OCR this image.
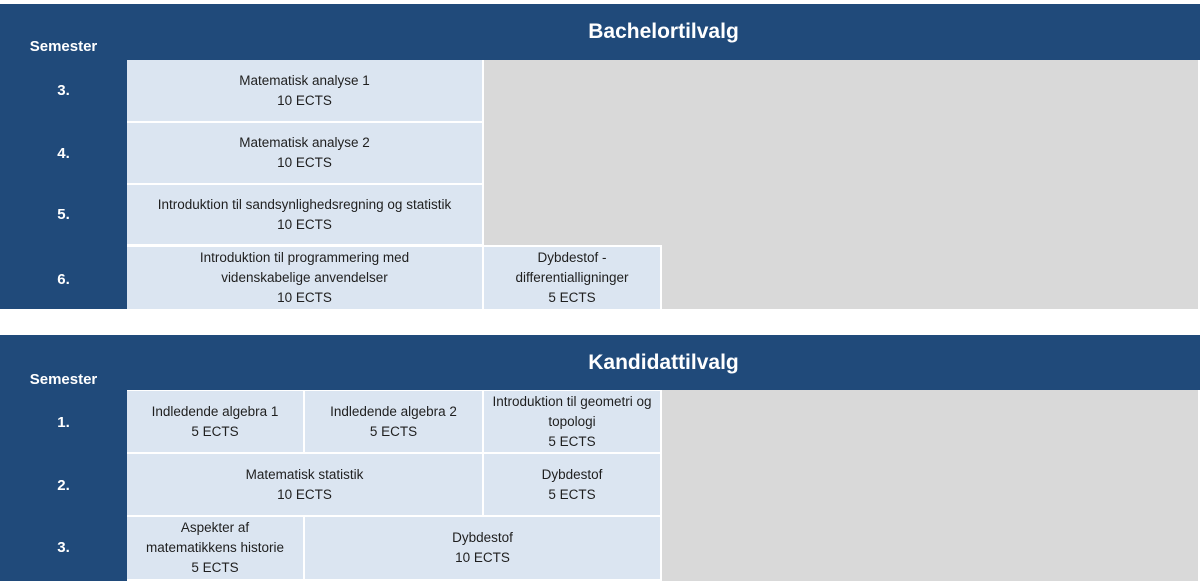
Bachelortilvalg
Semester
3.
4.
5.
6.
Matematisk analyse 1
10 ECTS
Matematisk analyse 2
10 ECTS
Introduktion til sandsynlighedsregning og statistik
10 ECTS
Introduktion til programmering med videnskabelige anvendelser
10 ECTS
Dybdestof - differentialligninger
5 ECTS
Kandidattilvalg
Semester
1.
2.
3.
Indledende algebra 1
5 ECTS
Indledende algebra 2
5 ECTS
Introduktion til geometri og topologi
5 ECTS
Matematisk statistik
10 ECTS
Dybdestof
5 ECTS
Aspekter af matematikkens historie
5 ECTS
Dybdestof
10 ECTS
